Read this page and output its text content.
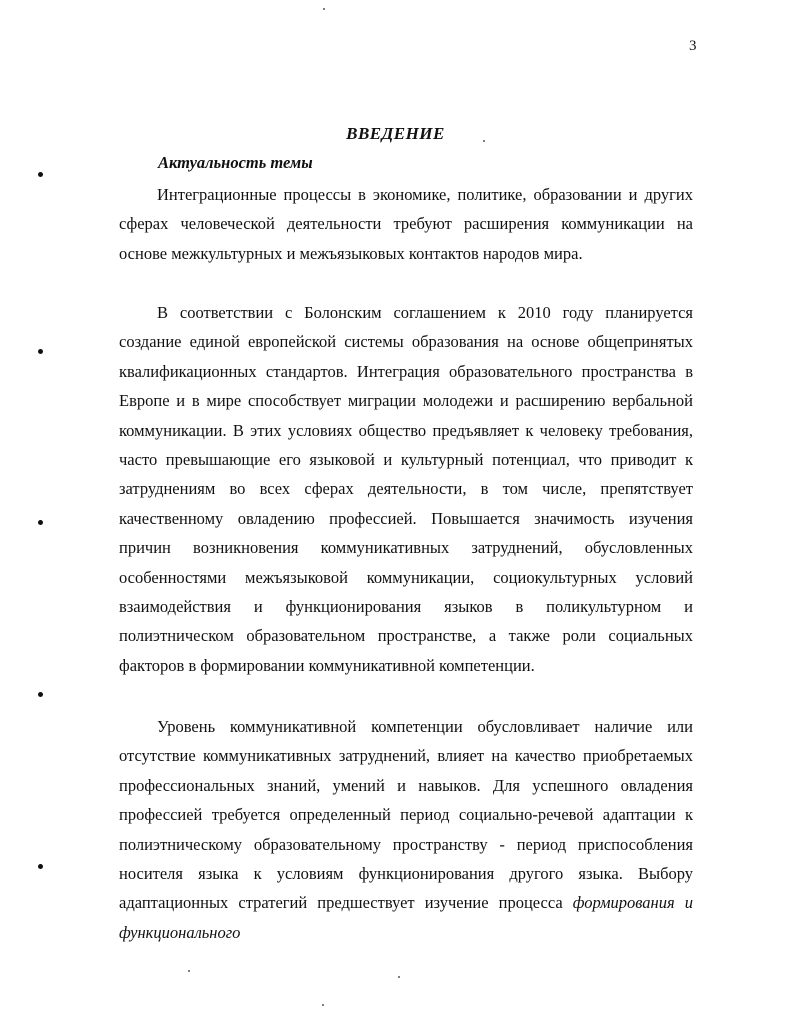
3
ВВЕДЕНИЕ
Актуальность темы

Интеграционные процессы в экономике, политике, образовании и других сферах человеческой деятельности требуют расширения коммуникации на основе межкультурных и межъязыковых контактов народов мира.

В соответствии с Болонским соглашением к 2010 году планируется создание единой европейской системы образования на основе общепринятых квалификационных стандартов. Интеграция образовательного пространства в Европе и в мире способствует миграции молодежи и расширению вербальной коммуникации. В этих условиях общество предъявляет к человеку требования, часто превышающие его языковой и культурный потенциал, что приводит к затруднениям во всех сферах деятельности, в том числе, препятствует качественному овладению профессией. Повышается значимость изучения причин возникновения коммуникативных затруднений, обусловленных особенностями межъязыковой коммуникации, социокультурных условий взаимодействия и функционирования языков в поликультурном и полиэтническом образовательном пространстве, а также роли социальных факторов в формировании коммуникативной компетенции.

Уровень коммуникативной компетенции обусловливает наличие или отсутствие коммуникативных затруднений, влияет на качество приобретаемых профессиональных знаний, умений и навыков. Для успешного овладения профессией требуется определенный период социально-речевой адаптации к полиэтническому образовательному пространству - период приспособления носителя языка к условиям функционирования другого языка. Выбору адаптационных стратегий предшествует изучение процесса формирования и функционального
